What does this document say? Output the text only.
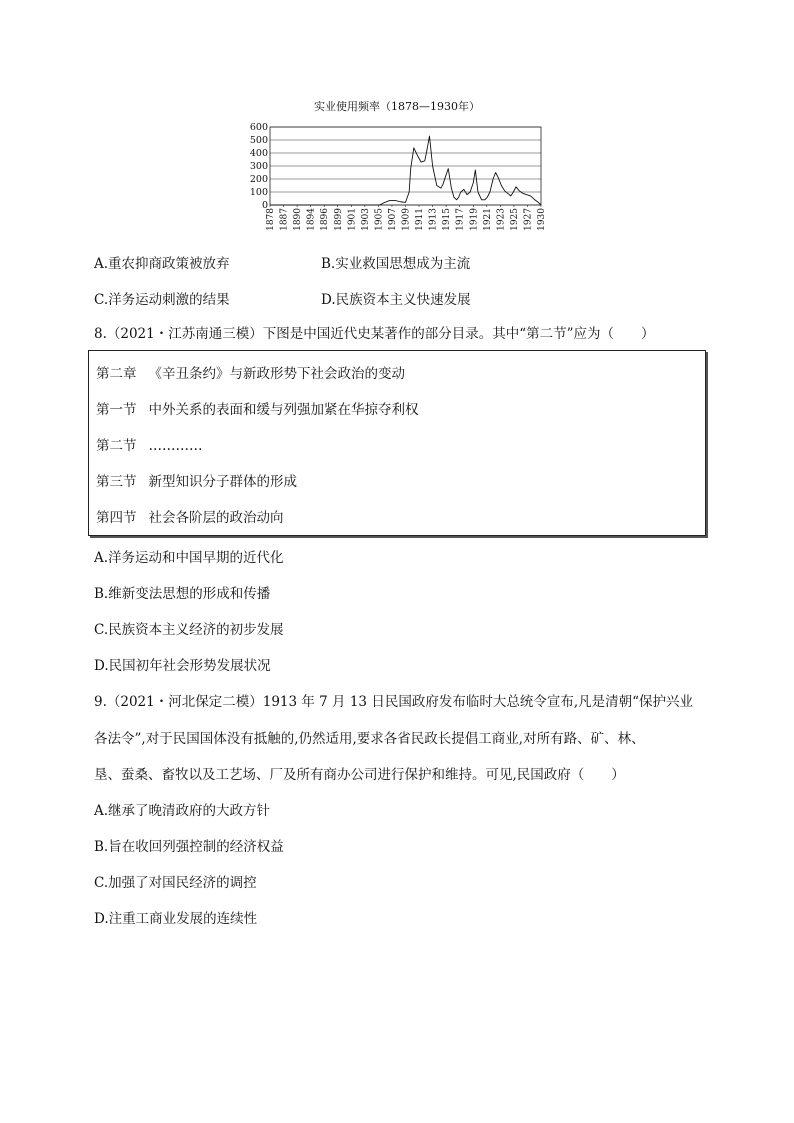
实业使用频率（1878—1930年）
0
100
200
300
400
500
600
1878 1887 1890 1894 1896 1899 1901 1903 1905 1907 1909 1911 1913 1915 1917 1919 1921 1923 1925 1927 1930
A.重农抑商政策被放弃	B.实业救国思想成为主流
C.洋务运动刺激的结果	D.民族资本主义快速发展
8.（2021・江苏南通三模）下图是中国近代史某著作的部分目录。其中“第二节”应为（　　）
第二章 《辛丑条约》与新政形势下社会政治的变动
第一节 中外关系的表面和缓与列强加紧在华掠夺利权
第二节 …………
第三节 新型知识分子群体的形成
第四节 社会各阶层的政治动向
A.洋务运动和中国早期的近代化
B.维新变法思想的形成和传播
C.民族资本主义经济的初步发展
D.民国初年社会形势发展状况
9.（2021・河北保定二模）1913 年 7 月 13 日民国政府发布临时大总统令宣布,凡是清朝“保护兴业
各法令”,对于民国国体没有抵触的,仍然适用,要求各省民政长提倡工商业,对所有路、矿、林、
垦、蚕桑、畜牧以及工艺场、厂及所有商办公司进行保护和维持。可见,民国政府（　　）
A.继承了晚清政府的大政方针
B.旨在收回列强控制的经济权益
C.加强了对国民经济的调控
D.注重工商业发展的连续性
